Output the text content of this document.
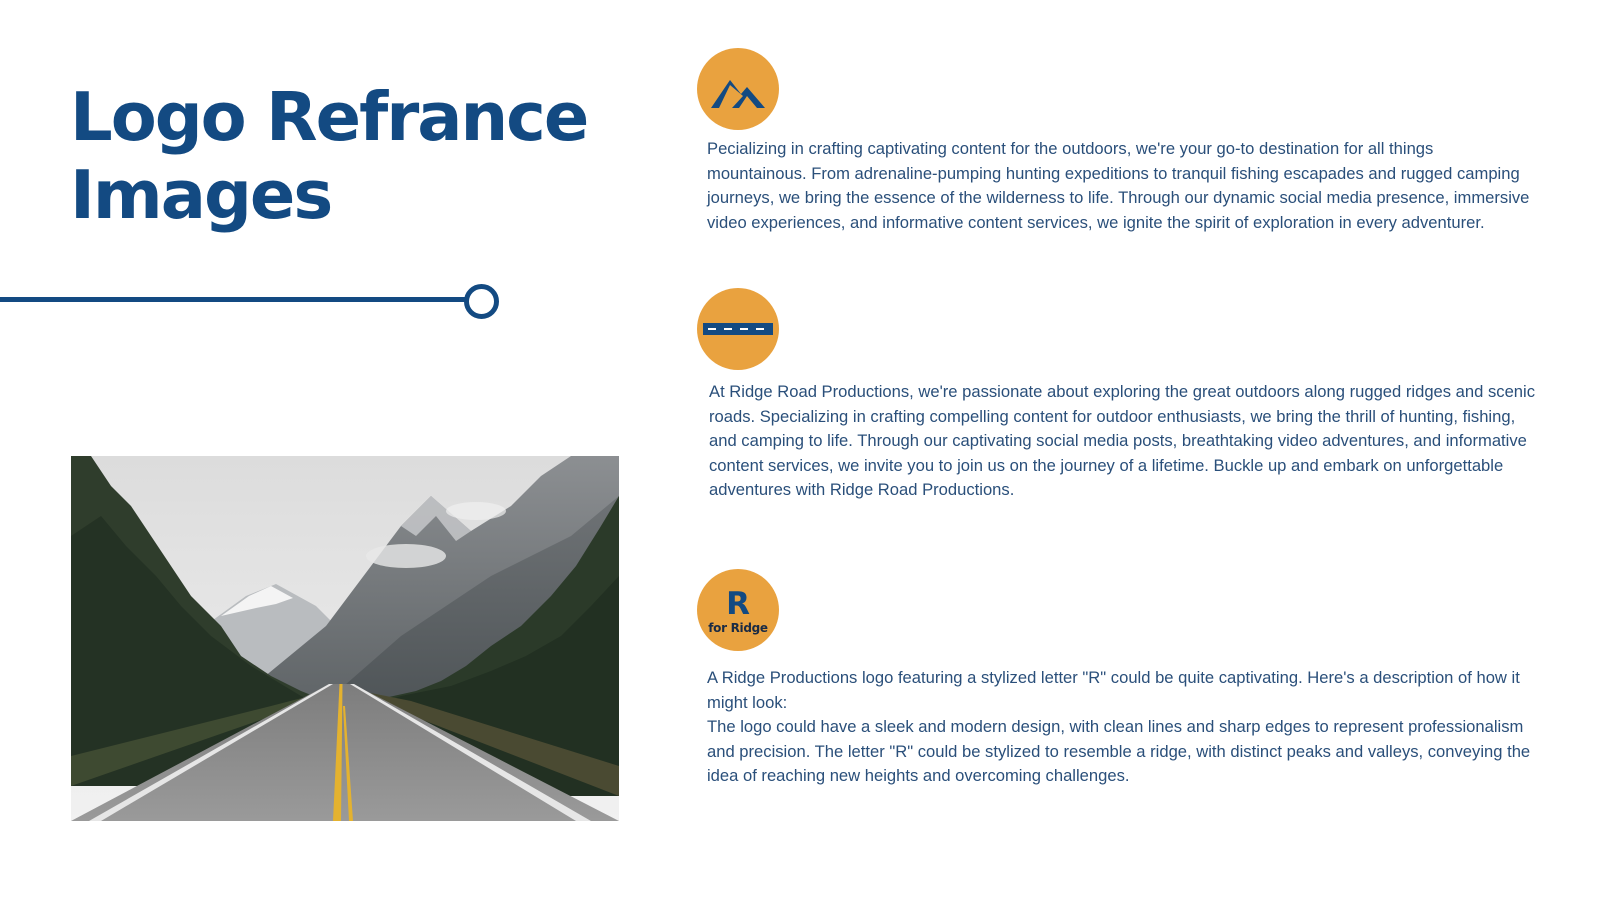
Logo Refrance
Images

Pecializing in crafting captivating content for the outdoors, we're your go-to destination for all things mountainous. From adrenaline-pumping hunting expeditions to tranquil fishing escapades and rugged camping journeys, we bring the essence of the wilderness to life. Through our dynamic social media presence, immersive video experiences, and informative content services, we ignite the spirit of exploration in every adventurer.

At Ridge Road Productions, we're passionate about exploring the great outdoors along rugged ridges and scenic roads. Specializing in crafting compelling content for outdoor enthusiasts, we bring the thrill of hunting, fishing, and camping to life. Through our captivating social media posts, breathtaking video adventures, and informative content services, we invite you to join us on the journey of a lifetime. Buckle up and embark on unforgettable adventures with Ridge Road Productions.

R
for Ridge

A Ridge Productions logo featuring a stylized letter "R" could be quite captivating. Here's a description of how it might look:
The logo could have a sleek and modern design, with clean lines and sharp edges to represent professionalism and precision. The letter "R" could be stylized to resemble a ridge, with distinct peaks and valleys, conveying the idea of reaching new heights and overcoming challenges.
